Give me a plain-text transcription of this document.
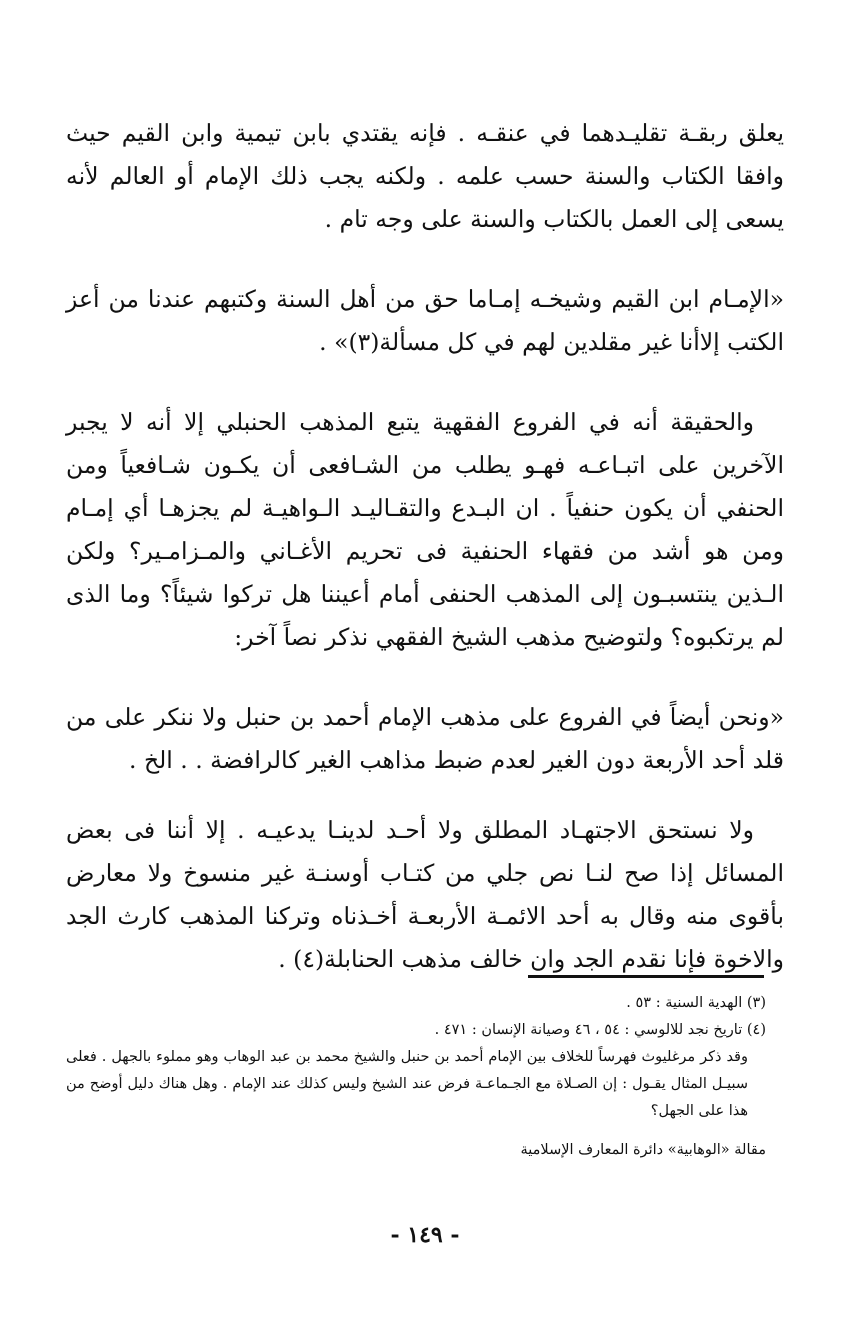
يعلق ربقـة تقليـدهما في عنقـه . فإنه يقتدي بابن تيمية وابن القيم حيث وافقا الكتاب والسنة حسب علمه . ولكنه يجب ذلك الإمام أو العالم لأنه يسعى إلى العمل بالكتاب والسنة على وجه تام .

«الإمـام ابن القيم وشيخـه إمـاما حق من أهل السنة وكتبهم عندنا من أعز الكتب إلاأنا غير مقلدين لهم في كل مسألة(٣)» .

والحقيقة أنه في الفروع الفقهية يتبع المذهب الحنبلي إلا أنه لا يجبر الآخرين على اتبـاعـه فهـو يطلب من الشـافعى أن يكـون شـافعياً ومن الحنفي أن يكون حنفياً . ان البـدع والتقـاليـد الـواهيـة لم يجزهـا أي إمـام ومن هو أشد من فقهاء الحنفية فى تحريم الأغـاني والمـزامـير؟ ولكن الـذين ينتسبـون إلى المذهب الحنفى أمام أعيننا هل تركوا شيئاً؟ وما الذى لم يرتكبوه؟ ولتوضيح مذهب الشيخ الفقهي نذكر نصاً آخر:

«ونحن أيضاً في الفروع على مذهب الإمام أحمد بن حنبل ولا ننكر على من قلد أحد الأربعة دون الغير لعدم ضبط مذاهب الغير كالرافضة . . الخ .

ولا نستحق الاجتهـاد المطلق ولا أحـد لدينـا يدعيـه . إلا أننا فى بعض المسائل إذا صح لنـا نص جلي من كتـاب أوسنـة غير منسوخ ولا معارض بأقوى منه وقال به أحد الائمـة الأربعـة أخـذناه وتركنا المذهب كارث الجد والاخوة فإنا نقدم الجد وان خالف مذهب الحنابلة(٤) .

(٣) الهدية السنية : ٥٣ .

(٤) تاريخ نجد للالوسي : ٥٤ ، ٤٦ وصيانة الإنسان : ٤٧١ .

وقد ذكر مرغليوث فهرساً للخلاف بين الإمام أحمد بن حنبل والشيخ محمد بن عبد الوهاب وهو مملوء بالجهل . فعلى سبيـل المثال يقـول : إن الصـلاة مع الجـماعـة فرض عند الشيخ وليس كذلك عند الإمام . وهل هناك دليل أوضح من هذا على الجهل؟

مقالة «الوهابية» دائرة المعارف الإسلامية

- ١٤٩ -
